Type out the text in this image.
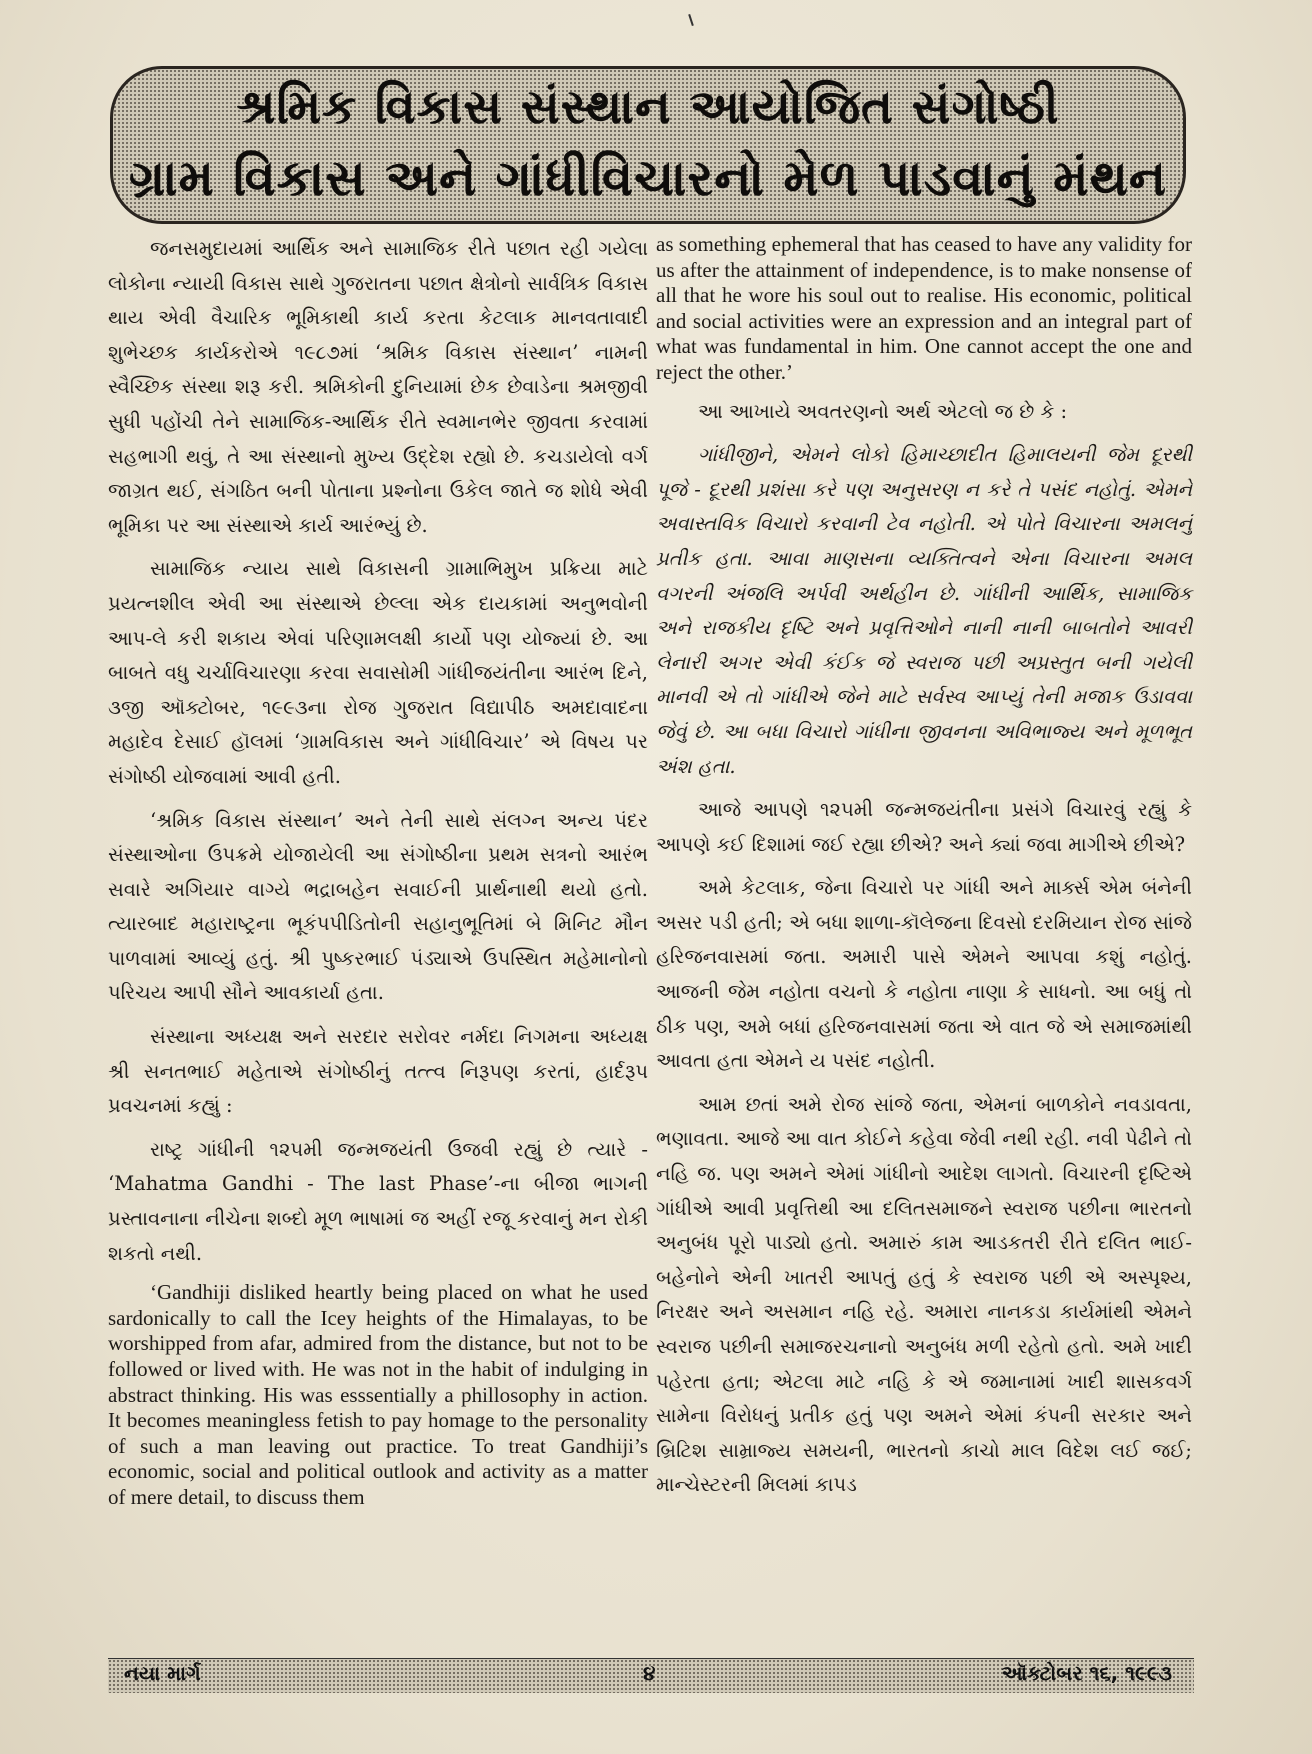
શ્રમિક વિકાસ સંસ્થાન આયોજિત સંગોષ્ઠી
ગ્રામ વિકાસ અને ગાંધીવિચારનો મેળ પાડવાનું મંથન

જનસમુદાયમાં આર્થિક અને સામાજિક રીતે પછાત રહી ગયેલા લોકોના ન્યાયી વિકાસ સાથે ગુજરાતના પછાત ક્ષેત્રોનો સાર્વત્રિક વિકાસ થાય એવી વૈચારિક ભૂમિકાથી કાર્ય કરતા કેટલાક માનવતાવાદી શુભેચ્છક કાર્યકરોએ ૧૯૮૭માં ‘શ્રમિક વિકાસ સંસ્થાન’ નામની સ્વૈચ્છિક સંસ્થા શરૂ કરી. શ્રમિકોની દુનિયામાં છેક છેવાડેના શ્રમજીવી સુધી પહોંચી તેને સામાજિક-આર્થિક રીતે સ્વમાનભેર જીવતા કરવામાં સહભાગી થવું, તે આ સંસ્થાનો મુખ્ય ઉદ્દેશ રહ્યો છે. કચડાયેલો વર્ગ જાગ્રત થઈ, સંગઠિત બની પોતાના પ્રશ્નોના ઉકેલ જાતે જ શોધે એવી ભૂમિકા પર આ સંસ્થાએ કાર્ય આરંભ્યું છે.

સામાજિક ન્યાય સાથે વિકાસની ગ્રામાભિમુખ પ્રક્રિયા માટે પ્રયત્નશીલ એવી આ સંસ્થાએ છેલ્લા એક દાયકામાં અનુભવોની આપ-લે કરી શકાય એવાં પરિણામલક્ષી કાર્યો પણ યોજ્યાં છે. આ બાબતે વધુ ચર્ચાવિચારણા કરવા સવાસોમી ગાંધીજયંતીના આરંભ દિને, ૩જી ઑક્ટોબર, ૧૯૯૩ના રોજ ગુજરાત વિદ્યાપીઠ અમદાવાદના મહાદેવ દેસાઈ હૉલમાં ‘ગ્રામવિકાસ અને ગાંધીવિચાર’ એ વિષય પર સંગોષ્ઠી યોજવામાં આવી હતી.

‘શ્રમિક વિકાસ સંસ્થાન’ અને તેની સાથે સંલગ્ન અન્ય પંદર સંસ્થાઓના ઉપક્રમે યોજાયેલી આ સંગોષ્ઠીના પ્રથમ સત્રનો આરંભ સવારે અગિયાર વાગ્યે ભદ્રાબહેન સવાઈની પ્રાર્થનાથી થયો હતો. ત્યારબાદ મહારાષ્ટ્રના ભૂકંપપીડિતોની સહાનુભૂતિમાં બે મિનિટ મૌન પાળવામાં આવ્યું હતું. શ્રી પુષ્કરભાઈ પંડ્યાએ ઉપસ્થિત મહેમાનોનો પરિચય આપી સૌને આવકાર્યા હતા.

સંસ્થાના અધ્યક્ષ અને સરદાર સરોવર નર્મદા નિગમના અધ્યક્ષ શ્રી સનતભાઈ મહેતાએ સંગોષ્ઠીનું તત્ત્વ નિરૂપણ કરતાં, હાર્દરૂપ પ્રવચનમાં કહ્યું :

રાષ્ટ્ર ગાંધીની ૧૨૫મી જન્મજયંતી ઉજવી રહ્યું છે ત્યારે - ‘Mahatma Gandhi - The last Phase’-ના બીજા ભાગની પ્રસ્તાવનાના નીચેના શબ્દો મૂળ ભાષામાં જ અહીં રજૂ કરવાનું મન રોકી શકતો નથી.

‘Gandhiji disliked heartly being placed on what he used sardonically to call the Icey heights of the Himalayas, to be worshipped from afar, admired from the distance, but not to be followed or lived with. He was not in the habit of indulging in abstract thinking. His was esssentially a phillosophy in action. It becomes meaningless fetish to pay homage to the personality of such a man leaving out practice. To treat Gandhiji’s economic, social and political outlook and activity as a matter of mere detail, to discuss them

as something ephemeral that has ceased to have any validity for us after the attainment of independence, is to make nonsense of all that he wore his soul out to realise. His economic, political and social activities were an expression and an integral part of what was fundamental in him. One cannot accept the one and reject the other.’

આ આખાયે અવતરણનો અર્થ એટલો જ છે કે :

ગાંધીજીને, એમને લોકો હિમાચ્છાદીત હિમાલયની જેમ દૂરથી પૂજે - દૂરથી પ્રશંસા કરે પણ અનુસરણ ન કરે તે પસંદ નહોતું. એમને અવાસ્તવિક વિચારો કરવાની ટેવ નહોતી. એ પોતે વિચારના અમલનું પ્રતીક હતા. આવા માણસના વ્યક્તિત્વને એના વિચારના અમલ વગરની અંજલિ અર્પવી અર્થહીન છે. ગાંધીની આર્થિક, સામાજિક અને રાજકીય દૃષ્ટિ અને પ્રવૃત્તિઓને નાની નાની બાબતોને આવરી લેનારી અગર એવી કંઈક જે સ્વરાજ પછી અપ્રસ્તુત બની ગયેલી માનવી એ તો ગાંધીએ જેને માટે સર્વસ્વ આપ્યું તેની મજાક ઉડાવવા જેવું છે. આ બધા વિચારો ગાંધીના જીવનના અવિભાજ્ય અને મૂળભૂત અંશ હતા.

આજે આપણે ૧૨૫મી જન્મજયંતીના પ્રસંગે વિચારવું રહ્યું કે આપણે કઈ દિશામાં જઈ રહ્યા છીએ? અને ક્યાં જવા માગીએ છીએ?

અમે કેટલાક, જેના વિચારો પર ગાંધી અને માર્ક્સ એમ બંનેની અસર પડી હતી; એ બધા શાળા-કૉલેજના દિવસો દરમિયાન રોજ સાંજે હરિજનવાસમાં જતા. અમારી પાસે એમને આપવા કશું નહોતું. આજની જેમ નહોતા વચનો કે નહોતા નાણા કે સાધનો. આ બધું તો ઠીક પણ, અમે બધાં હરિજનવાસમાં જતા એ વાત જે એ સમાજમાંથી આવતા હતા એમને ય પસંદ નહોતી.

આમ છતાં અમે રોજ સાંજે જતા, એમનાં બાળકોને નવડાવતા, ભણાવતા. આજે આ વાત કોઈને કહેવા જેવી નથી રહી. નવી પેઢીને તો નહિ જ. પણ અમને એમાં ગાંધીનો આદેશ લાગતો. વિચારની દૃષ્ટિએ ગાંધીએ આવી પ્રવૃત્તિથી આ દલિતસમાજને સ્વરાજ પછીના ભારતનો અનુબંધ પૂરો પાડ્યો હતો. અમારું કામ આડકતરી રીતે દલિત ભાઈ-બહેનોને એની ખાતરી આપતું હતું કે સ્વરાજ પછી એ અસ્પૃશ્ય, નિરક્ષર અને અસમાન નહિ રહે. અમારા નાનકડા કાર્યમાંથી એમને સ્વરાજ પછીની સમાજરચનાનો અનુબંધ મળી રહેતો હતો. અમે ખાદી પહેરતા હતા; એટલા માટે નહિ કે એ જમાનામાં ખાદી શાસકવર્ગ સામેના વિરોધનું પ્રતીક હતું પણ અમને એમાં કંપની સરકાર અને બ્રિટિશ સામ્રાજ્ય સમયની, ભારતનો કાચો માલ વિદેશ લઈ જઈ; માન્ચેસ્ટરની મિલમાં કાપડ

નયા માર્ગ	૪	ઑક્ટોબર ૧૬, ૧૯૯૩
